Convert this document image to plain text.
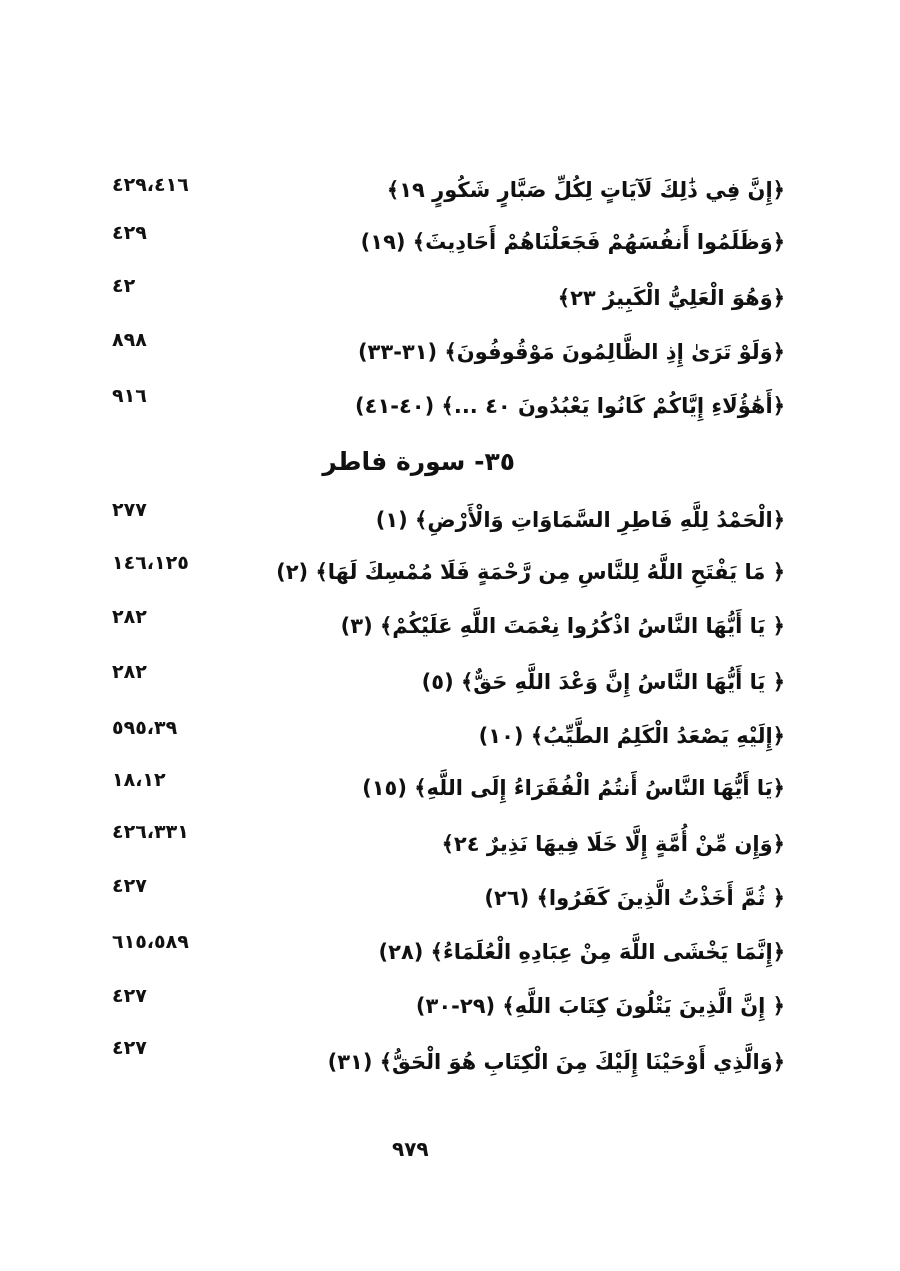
﴿إِنَّ فِي ذَٰلِكَ لَآيَاتٍ لِكُلِّ صَبَّارٍ شَكُورٍ ١٩﴾
٤٢٩،٤١٦
﴿وَظَلَمُوا أَنفُسَهُمْ فَجَعَلْنَاهُمْ أَحَادِيثَ﴾ (١٩)
٤٢٩
﴿وَهُوَ الْعَلِيُّ الْكَبِيرُ ٢٣﴾
٤٢
﴿وَلَوْ تَرَىٰ إِذِ الظَّالِمُونَ مَوْقُوفُونَ﴾ (٣١-٣٣)
٨٩٨
﴿أَهَٰؤُلَاءِ إِيَّاكُمْ كَانُوا يَعْبُدُونَ ٤٠ ...﴾ (٤٠-٤١)
٩١٦
٣٥- سورة فاطر
﴿الْحَمْدُ لِلَّهِ فَاطِرِ السَّمَاوَاتِ وَالْأَرْضِ﴾ (١)
٢٧٧
﴿ مَا يَفْتَحِ اللَّهُ لِلنَّاسِ مِن رَّحْمَةٍ فَلَا مُمْسِكَ لَهَا﴾ (٢)
١٤٦،١٢٥
﴿ يَا أَيُّهَا النَّاسُ اذْكُرُوا نِعْمَتَ اللَّهِ عَلَيْكُمْ﴾ (٣)
٢٨٢
﴿ يَا أَيُّهَا النَّاسُ إِنَّ وَعْدَ اللَّهِ حَقٌّ﴾ (٥)
٢٨٢
﴿إِلَيْهِ يَصْعَدُ الْكَلِمُ الطَّيِّبُ﴾ (١٠)
٥٩٥،٣٩
﴿يَا أَيُّهَا النَّاسُ أَنتُمُ الْفُقَرَاءُ إِلَى اللَّهِ﴾ (١٥)
١٨،١٢
﴿وَإِن مِّنْ أُمَّةٍ إِلَّا خَلَا فِيهَا نَذِيرٌ ٢٤﴾
٤٢٦،٣٣١
﴿ ثُمَّ أَخَذْتُ الَّذِينَ كَفَرُوا﴾ (٢٦)
٤٢٧
﴿إِنَّمَا يَخْشَى اللَّهَ مِنْ عِبَادِهِ الْعُلَمَاءُ﴾ (٢٨)
٦١٥،٥٨٩
﴿ إِنَّ الَّذِينَ يَتْلُونَ كِتَابَ اللَّهِ﴾ (٢٩-٣٠)
٤٢٧
﴿وَالَّذِي أَوْحَيْنَا إِلَيْكَ مِنَ الْكِتَابِ هُوَ الْحَقُّ﴾ (٣١)
٤٢٧
٩٧٩
